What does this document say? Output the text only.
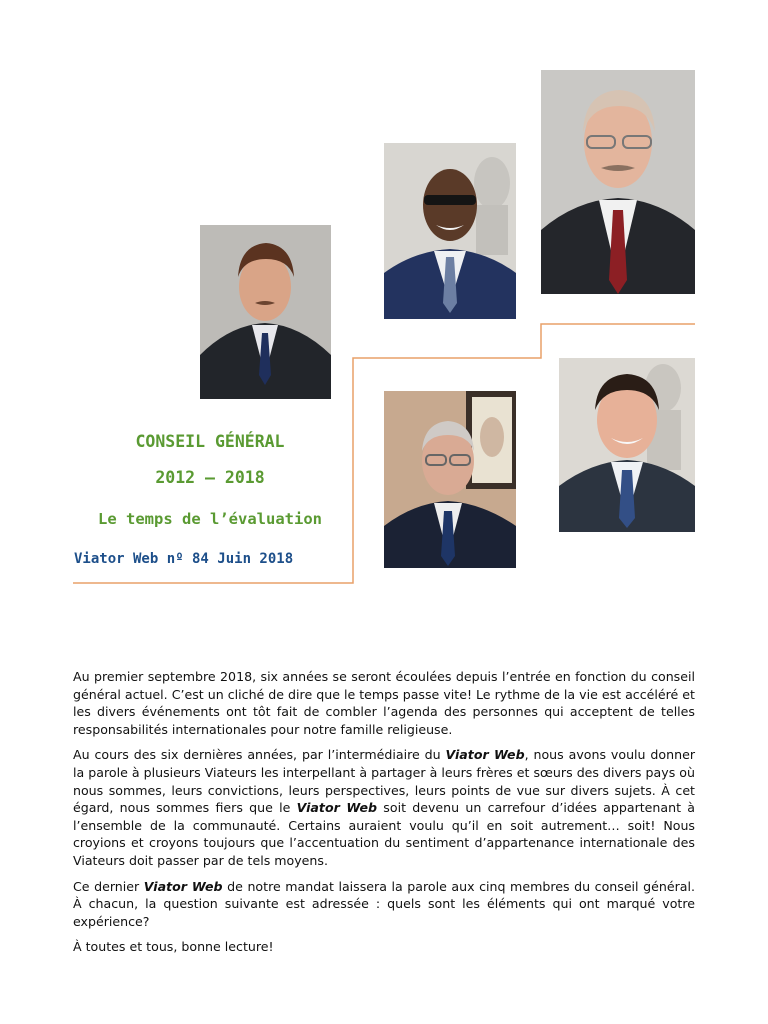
CONSEIL GÉNÉRAL
2012 – 2018
Le temps de l’évaluation
Viator Web nº 84 Juin 2018

Au premier septembre 2018, six années se seront écoulées depuis l’entrée en fonction du conseil général actuel. C’est un cliché de dire que le temps passe vite! Le rythme de la vie est accéléré et les divers événements ont tôt fait de combler l’agenda des personnes qui acceptent de telles responsabilités internationales pour notre famille religieuse.

Au cours des six dernières années, par l’intermédiaire du Viator Web, nous avons voulu donner la parole à plusieurs Viateurs les interpellant à partager à leurs frères et sœurs des divers pays où nous sommes, leurs convictions, leurs perspectives, leurs points de vue sur divers sujets. À cet égard, nous sommes fiers que le Viator Web soit devenu un carrefour d’idées appartenant à l’ensemble de la communauté. Certains auraient voulu qu’il en soit autrement… soit! Nous croyions et croyons toujours que l’accentuation du sentiment d’appartenance internationale des Viateurs doit passer par de tels moyens.

Ce dernier Viator Web de notre mandat laissera la parole aux cinq membres du conseil général. À chacun, la question suivante est adressée : quels sont les éléments qui ont marqué votre expérience?

À toutes et tous, bonne lecture!
